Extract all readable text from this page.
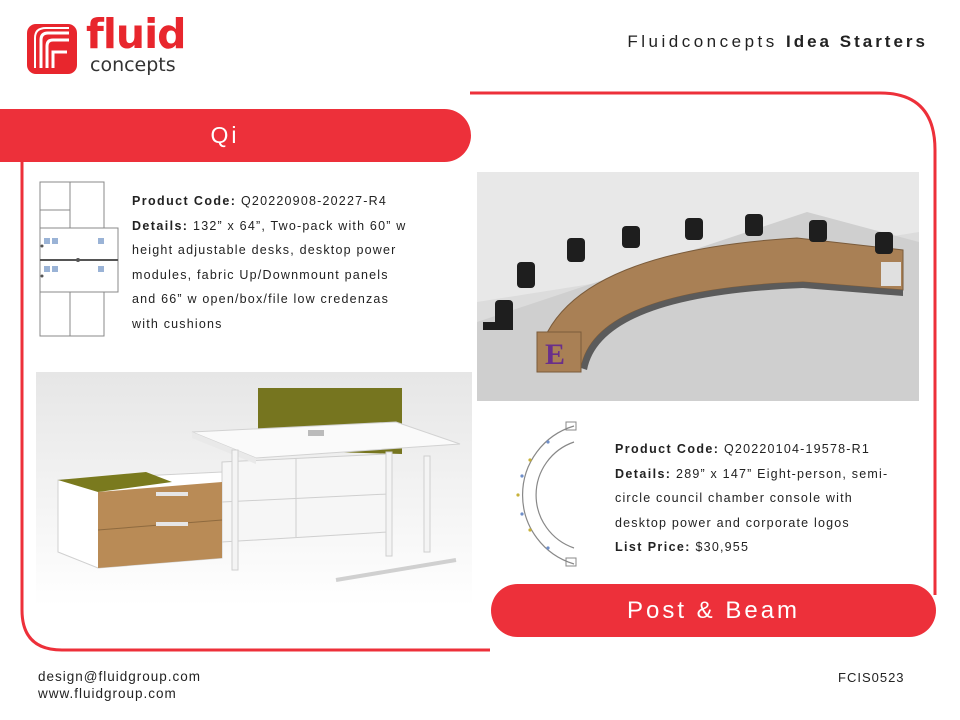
fluid
concepts
Fluidconcepts Idea Starters
Qi
Product Code: Q20220908-20227-R4
Details: 132” x 64”, Two-pack with 60” w
height adjustable desks, desktop power
modules, fabric Up/Downmount panels
and 66” w open/box/file low credenzas
with cushions
E
Product Code: Q20220104-19578-R1
Details: 289” x 147” Eight-person, semi-
circle council chamber console with
desktop power and corporate logos
List Price: $30,955
Post & Beam
design@fluidgroup.com
www.fluidgroup.com
FCIS0523
